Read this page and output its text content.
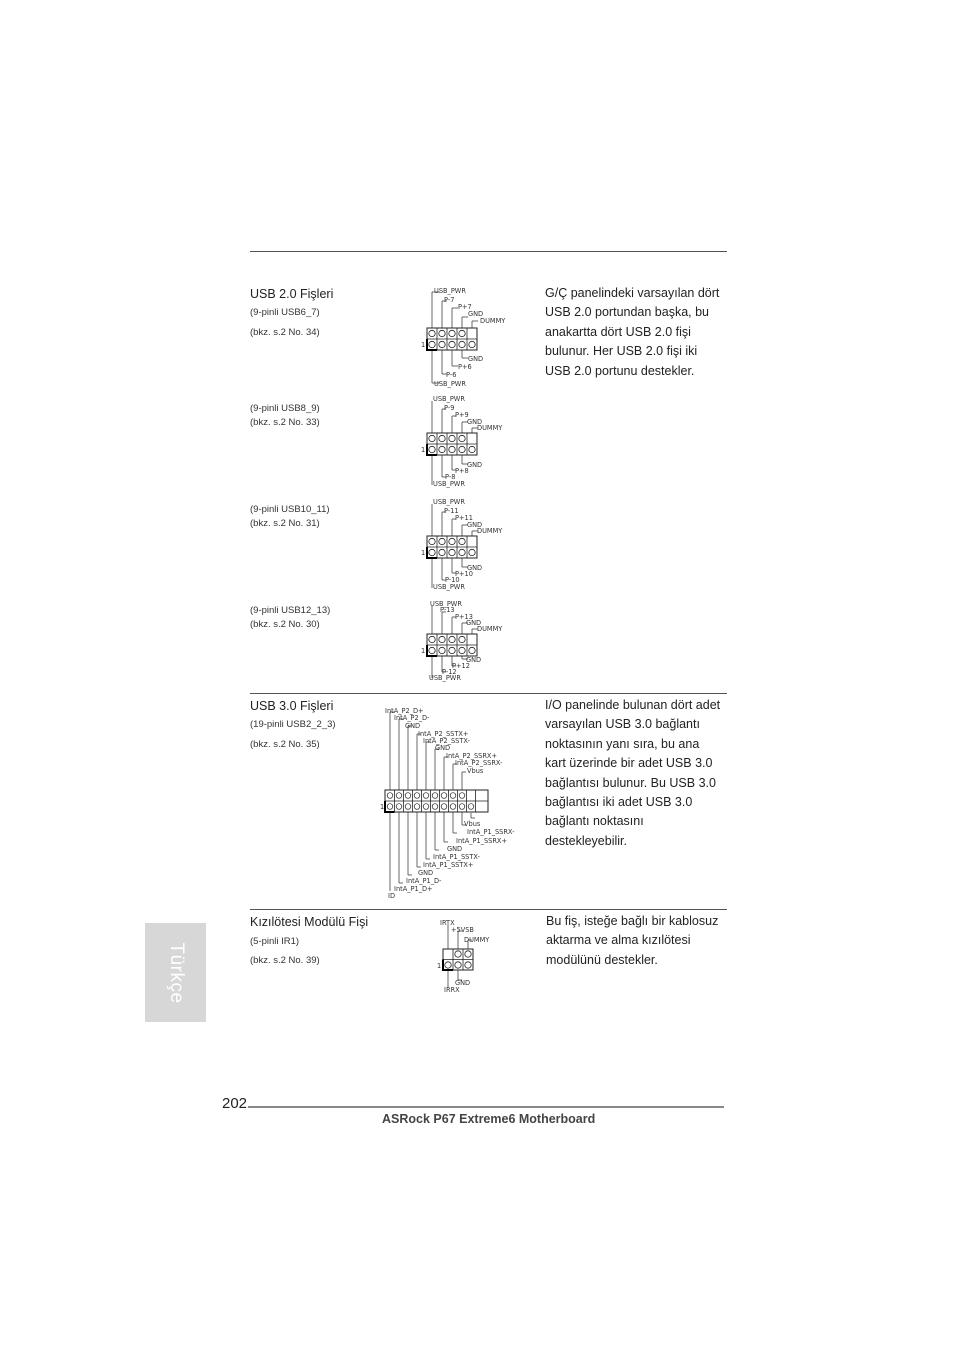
USB 2.0 Fişleri	G/Ç panelindeki varsayılan dört
USB 2.0 portundan başka, bu
anakartta dört USB 2.0 fişi
bulunur. Her USB 2.0 fişi iki
USB 2.0 portunu destekler.
(9-pinli USB6_7)
(bkz. s.2 No. 34)
(9-pinli USB8_9)
(bkz. s.2 No. 33)
(9-pinli USB10_11)
(bkz. s.2 No. 31)
(9-pinli USB12_13)
(bkz. s.2 No. 30)
1
USB_PWR
P-7
P+7
GND
DUMMY
GND
P+6
P-6
USB_PWR
1
USB_PWR
P-9
P+9
GND
DUMMY
GND
P+8
P-8
USB_PWR
1
USB_PWR
P-11
P+11
GND
DUMMY
GND
P+10
P-10
USB_PWR
1
USB_PWR
P-13
P+13
GND
DUMMY
GND
P+12
P-12
USB_PWR
USB 3.0 Fişleri
(19-pinli USB2_2_3)
(bkz. s.2 No. 35)
I/O panelinde bulunan dört adet
varsayılan USB 3.0 bağlantı
noktasının yanı sıra, bu ana
kart üzerinde bir adet USB 3.0
bağlantısı bulunur. Bu USB 3.0
bağlantısı iki adet USB 3.0
bağlantı noktasını
destekleyebilir.
1
IntA_P2_D+
IntA_P2_D-
GND
IntA_P2_SSTX+
IntA_P2_SSTX-
GND
IntA_P2_SSRX+
IntA_P2_SSRX-
Vbus
Vbus
IntA_P1_SSRX-
IntA_P1_SSRX+
GND
IntA_P1_SSTX-
IntA_P1_SSTX+
GND
IntA_P1_D-
IntA_P1_D+
ID
Kızılötesi Modülü Fişi
(5-pinli IR1)
(bkz. s.2 No. 39)
Bu fiş, isteğe bağlı bir kablosuz
aktarma ve alma kızılötesi
modülünü destekler.
1
IRTX
+5VSB
DUMMY
GND
IRRX
Türkçe
202
ASRock P67 Extreme6 Motherboard
